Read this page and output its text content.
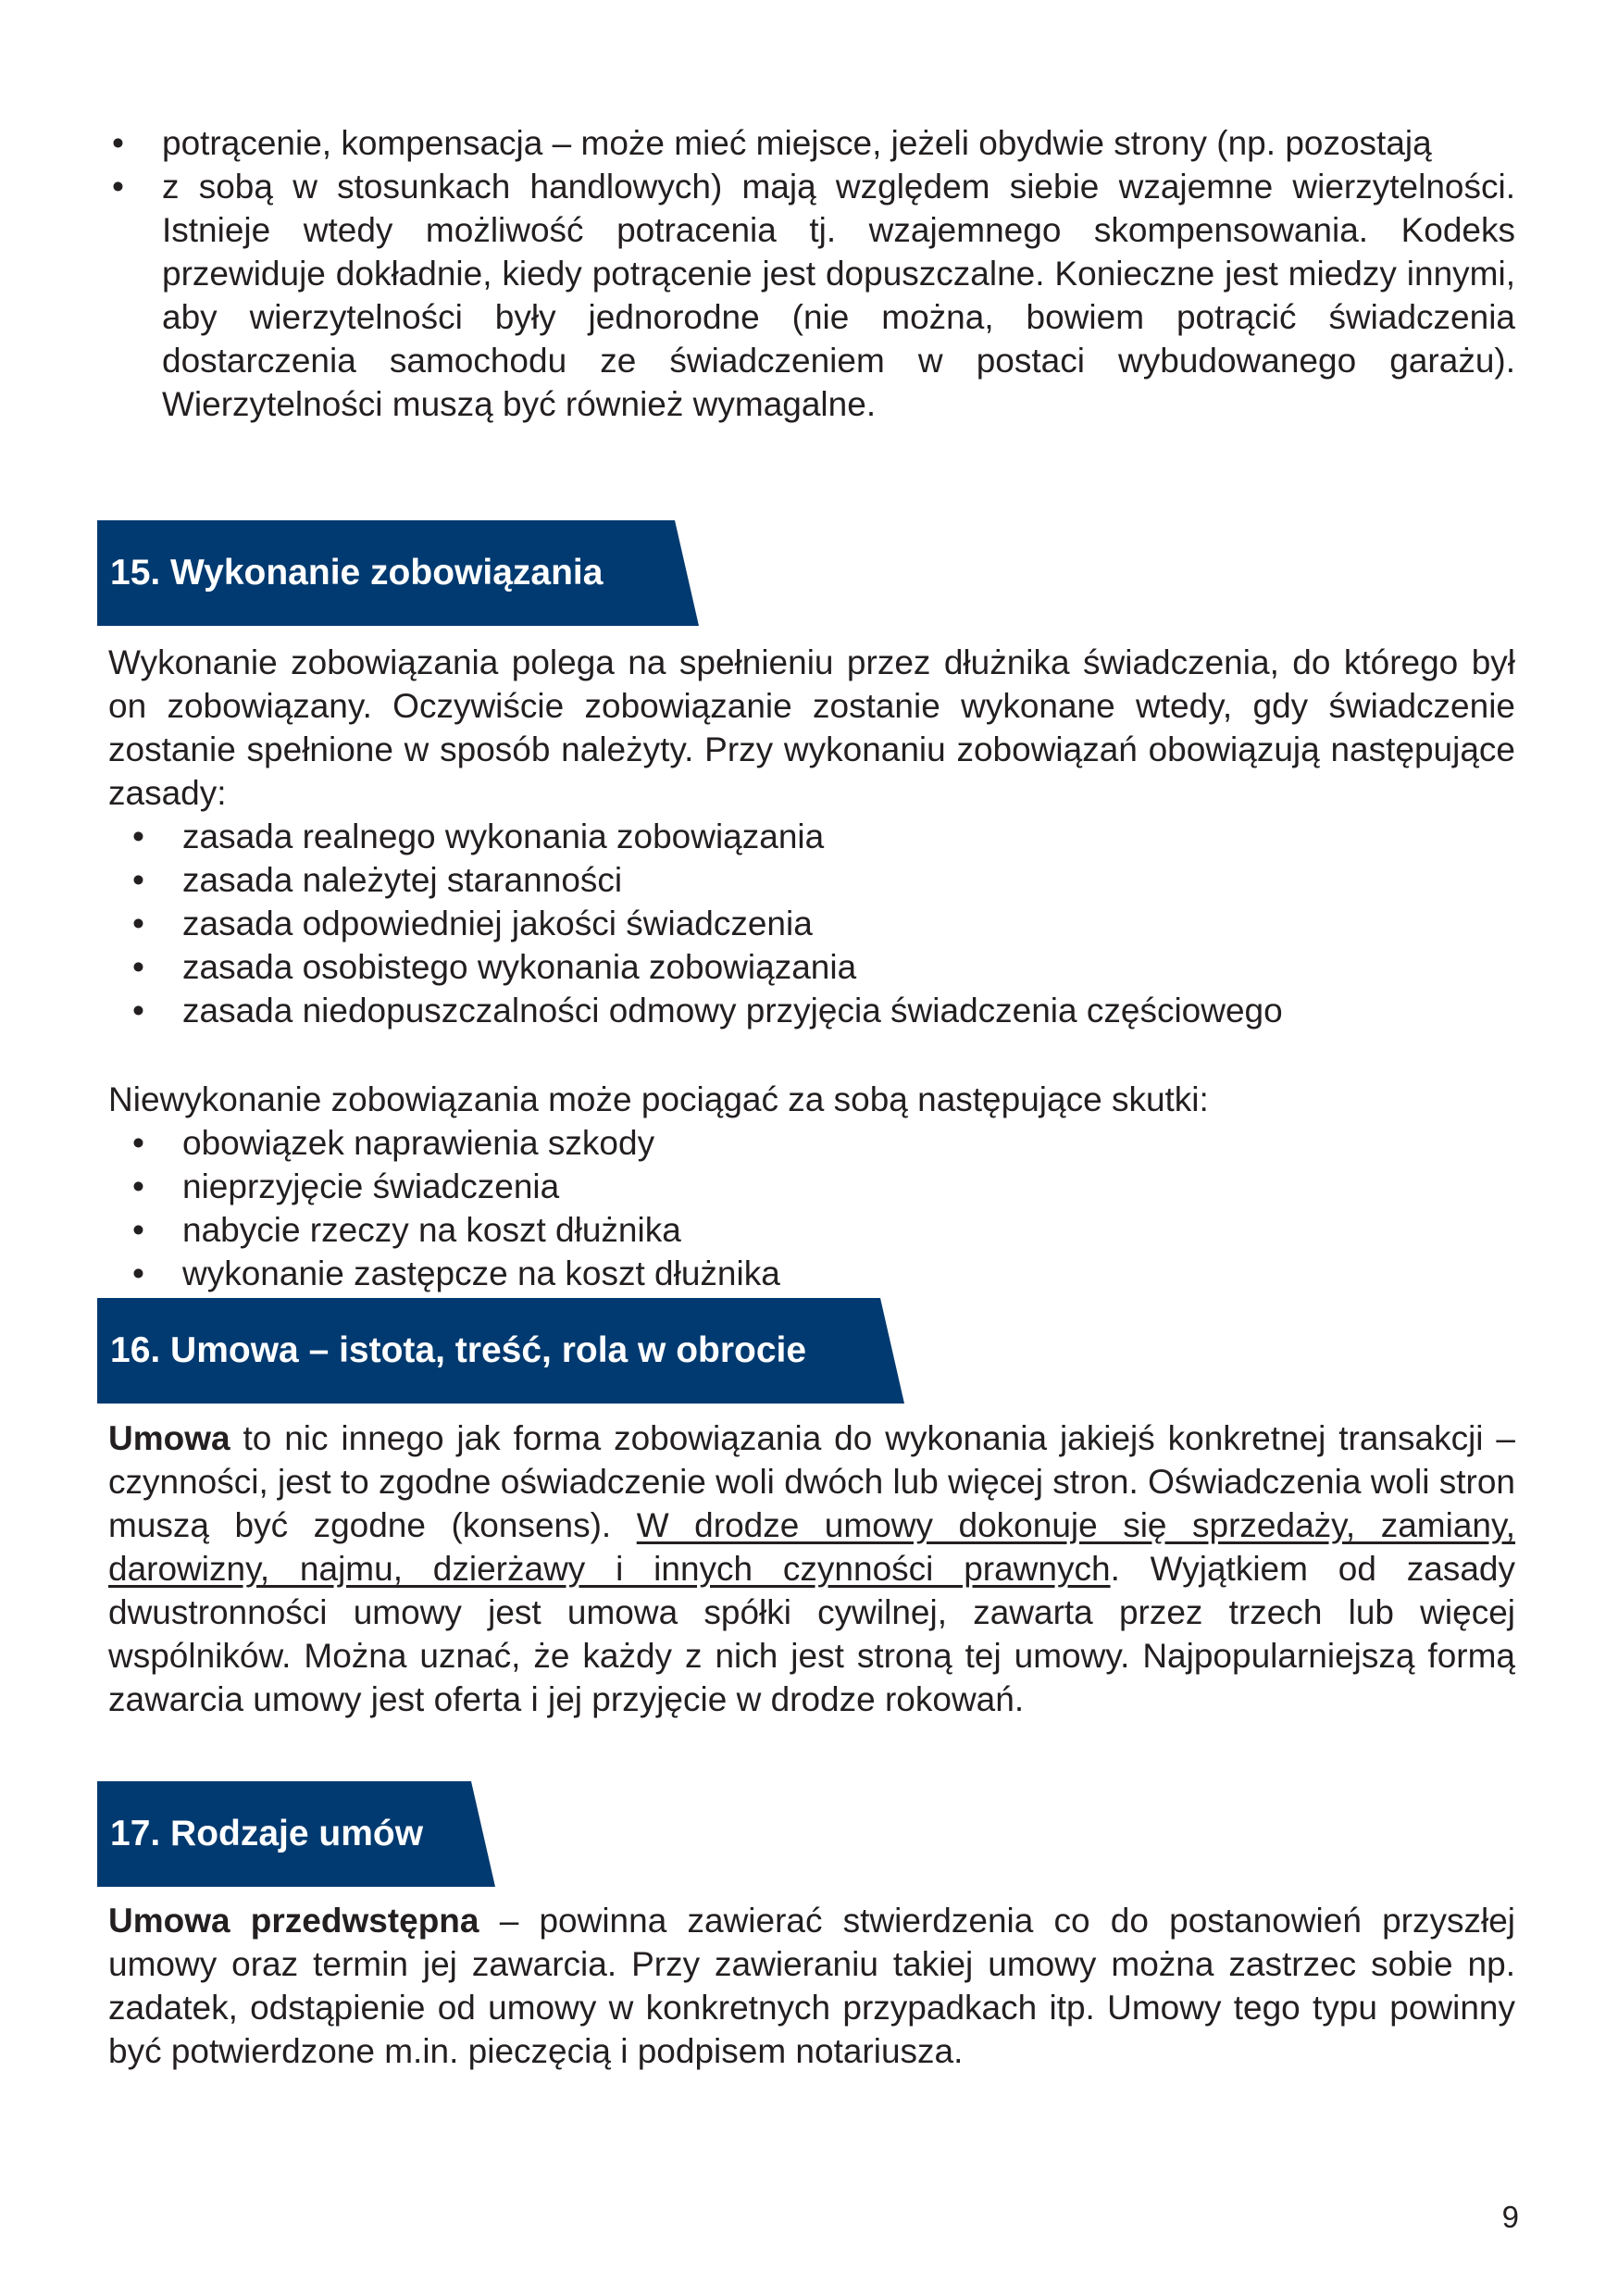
• potrącenie, kompensacja – może mieć miejsce, jeżeli obydwie strony (np. pozostają
• z sobą w stosunkach handlowych) mają względem siebie wzajemne wierzytelności. Istnieje wtedy możliwość potracenia tj. wzajemnego skompensowania. Kodeks przewiduje dokładnie, kiedy potrącenie jest dopuszczalne. Konieczne jest miedzy innymi, aby wierzytelności były jednorodne (nie można, bowiem potrącić świadczenia dostarczenia samochodu ze świadczeniem w postaci wybudowanego garażu). Wierzytelności muszą być również wymagalne.
15. Wykonanie zobowiązania

Wykonanie zobowiązania polega na spełnieniu przez dłużnika świadczenia, do którego był on zobowiązany. Oczywiście zobowiązanie zostanie wykonane wtedy, gdy świadczenie zostanie spełnione w sposób należyty. Przy wykonaniu zobowiązań obowiązują następujące zasady:

• zasada realnego wykonania zobowiązania
• zasada należytej staranności
• zasada odpowiedniej jakości świadczenia
• zasada osobistego wykonania zobowiązania
• zasada niedopuszczalności odmowy przyjęcia świadczenia częściowego

Niewykonanie zobowiązania może pociągać za sobą następujące skutki:

• obowiązek naprawienia szkody
• nieprzyjęcie świadczenia
• nabycie rzeczy na koszt dłużnika
• wykonanie zastępcze na koszt dłużnika
16. Umowa – istota, treść, rola w obrocie

Umowa to nic innego jak forma zobowiązania do wykonania jakiejś konkretnej transakcji – czynności, jest to zgodne oświadczenie woli dwóch lub więcej stron. Oświadczenia woli stron muszą być zgodne (konsens). W drodze umowy dokonuje się sprzedaży, zamiany, darowizny, najmu, dzierżawy i innych czynności prawnych. Wyjątkiem od zasady dwustronności umowy jest umowa spółki cywilnej, zawarta przez trzech lub więcej wspólników. Można uznać, że każdy z nich jest stroną tej umowy. Najpopularniejszą formą zawarcia umowy jest oferta i jej przyjęcie w drodze rokowań.

17. Rodzaje umów

Umowa przedwstępna – powinna zawierać stwierdzenia co do postanowień przyszłej umowy oraz termin jej zawarcia. Przy zawieraniu takiej umowy można zastrzec sobie np. zadatek, odstąpienie od umowy w konkretnych przypadkach itp. Umowy tego typu powinny być potwierdzone m.in. pieczęcią i podpisem notariusza.

9
